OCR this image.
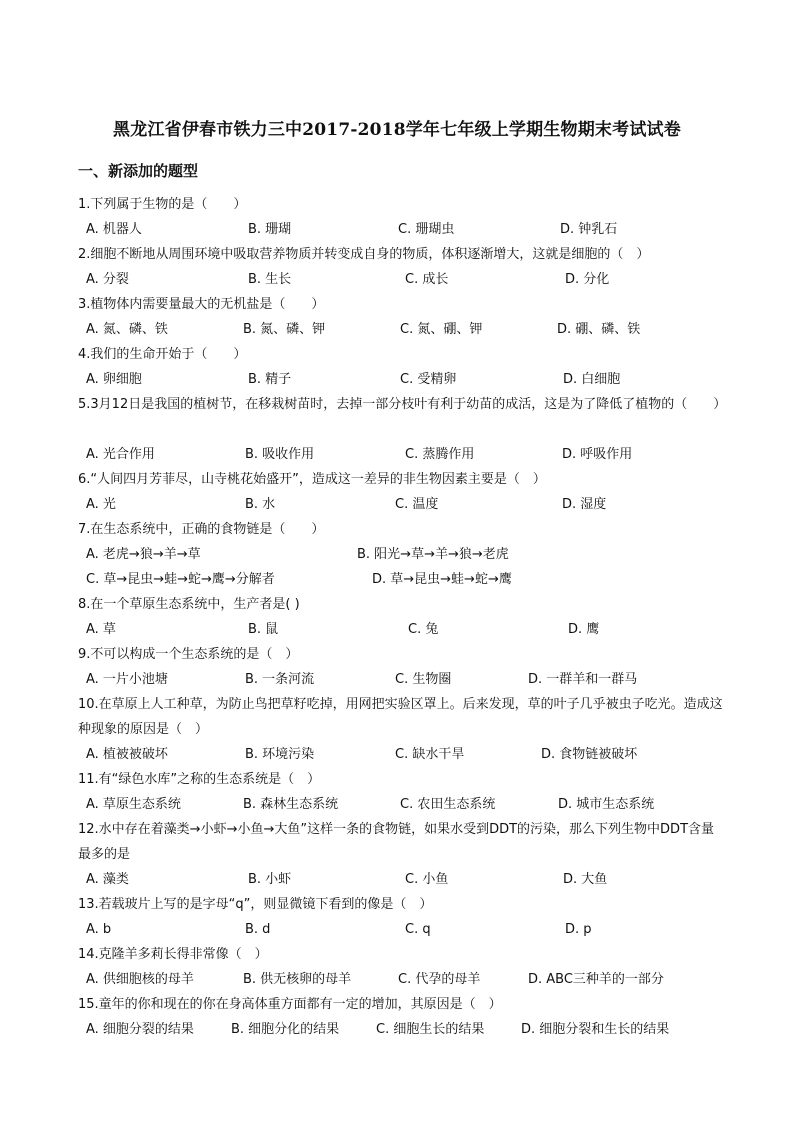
黑龙江省伊春市铁力三中2017-2018学年七年级上学期生物期末考试试卷
一、新添加的题型
1.下列属于生物的是（　　）
A. 机器人	B. 珊瑚	C. 珊瑚虫	D. 钟乳石
2.细胞不断地从周围环境中吸取营养物质并转变成自身的物质，体积逐渐增大，这就是细胞的（　）
A. 分裂	B. 生长	C. 成长	D. 分化
3.植物体内需要量最大的无机盐是（　　）
A. 氮、磷、铁	B. 氮、磷、钾	C. 氮、硼、钾	D. 硼、磷、铁
4.我们的生命开始于（　　）
A. 卵细胞	B. 精子	C. 受精卵	D. 白细胞
5.3月12日是我国的植树节，在移栽树苗时，去掉一部分枝叶有利于幼苗的成活，这是为了降低了植物的（　　）
A. 光合作用	B. 吸收作用	C. 蒸腾作用	D. 呼吸作用
6.“人间四月芳菲尽，山寺桃花始盛开”，造成这一差异的非生物因素主要是（　）
A. 光	B. 水	C. 温度	D. 湿度
7.在生态系统中，正确的食物链是（　　）
A. 老虎→狼→羊→草	B. 阳光→草→羊→狼→老虎
C. 草→昆虫→蛙→蛇→鹰→分解者	D. 草→昆虫→蛙→蛇→鹰
8.在一个草原生态系统中，生产者是( )
A. 草	B. 鼠	C. 兔	D. 鹰
9.不可以构成一个生态系统的是（　）
A. 一片小池塘	B. 一条河流	C. 生物圈	D. 一群羊和一群马
10.在草原上人工种草，为防止鸟把草籽吃掉，用网把实验区罩上。后来发现，草的叶子几乎被虫子吃光。造成这种现象的原因是（　）
A. 植被被破坏	B. 环境污染	C. 缺水干旱	D. 食物链被破坏
11.有“绿色水库”之称的生态系统是（　）
A. 草原生态系统	B. 森林生态系统	C. 农田生态系统	D. 城市生态系统
12.水中存在着藻类→小虾→小鱼→大鱼”这样一条的食物链，如果水受到DDT的污染，那么下列生物中DDT含量最多的是
A. 藻类	B. 小虾	C. 小鱼	D. 大鱼
13.若载玻片上写的是字母“q”，则显微镜下看到的像是（　）
A. b	B. d	C. q	D. p
14.克隆羊多莉长得非常像（　）
A. 供细胞核的母羊	B. 供无核卵的母羊	C. 代孕的母羊	D. ABC三种羊的一部分
15.童年的你和现在的你在身高体重方面都有一定的增加，其原因是（　）
A. 细胞分裂的结果	B. 细胞分化的结果	C. 细胞生长的结果	D. 细胞分裂和生长的结果
